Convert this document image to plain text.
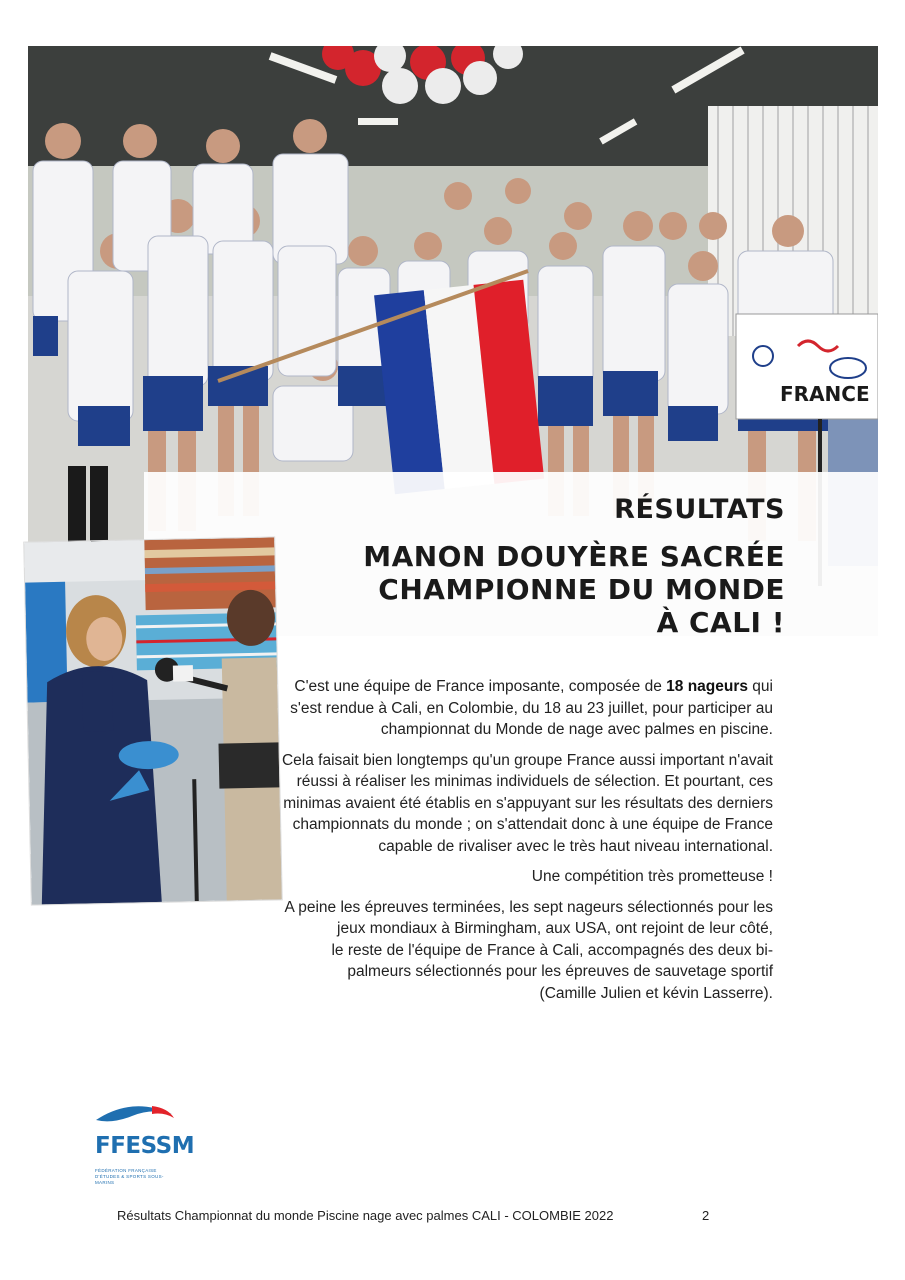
FRANCE
RÉSULTATS
MANON DOUYÈRE SACRÉE
CHAMPIONNE DU MONDE
À CALI !

C'est une équipe de France imposante, composée de 18 nageurs qui s'est rendue à Cali, en Colombie, du 18 au 23 juillet, pour participer au championnat du Monde de nage avec palmes en piscine.

Cela faisait bien longtemps qu'un groupe France aussi important n'avait réussi à réaliser les minimas individuels de sélection. Et pourtant, ces minimas avaient été établis en s'appuyant sur les résultats des derniers championnats du monde ; on s'attendait donc à une équipe de France capable de rivaliser avec le très haut niveau international.

Une compétition très prometteuse !

A peine les épreuves terminées, les sept nageurs sélectionnés pour les jeux mondiaux à Birmingham, aux USA, ont rejoint de leur côté,
le reste de l'équipe de France à Cali, accompagnés des deux bi-palmeurs sélectionnés pour les épreuves de sauvetage sportif
(Camille Julien et kévin Lasserre).

FFESSM
FÉDÉRATION FRANÇAISE D'ÉTUDES & SPORTS SOUS-MARINS
Résultats Championnat du monde Piscine nage avec palmes CALI - COLOMBIE 2022	2
